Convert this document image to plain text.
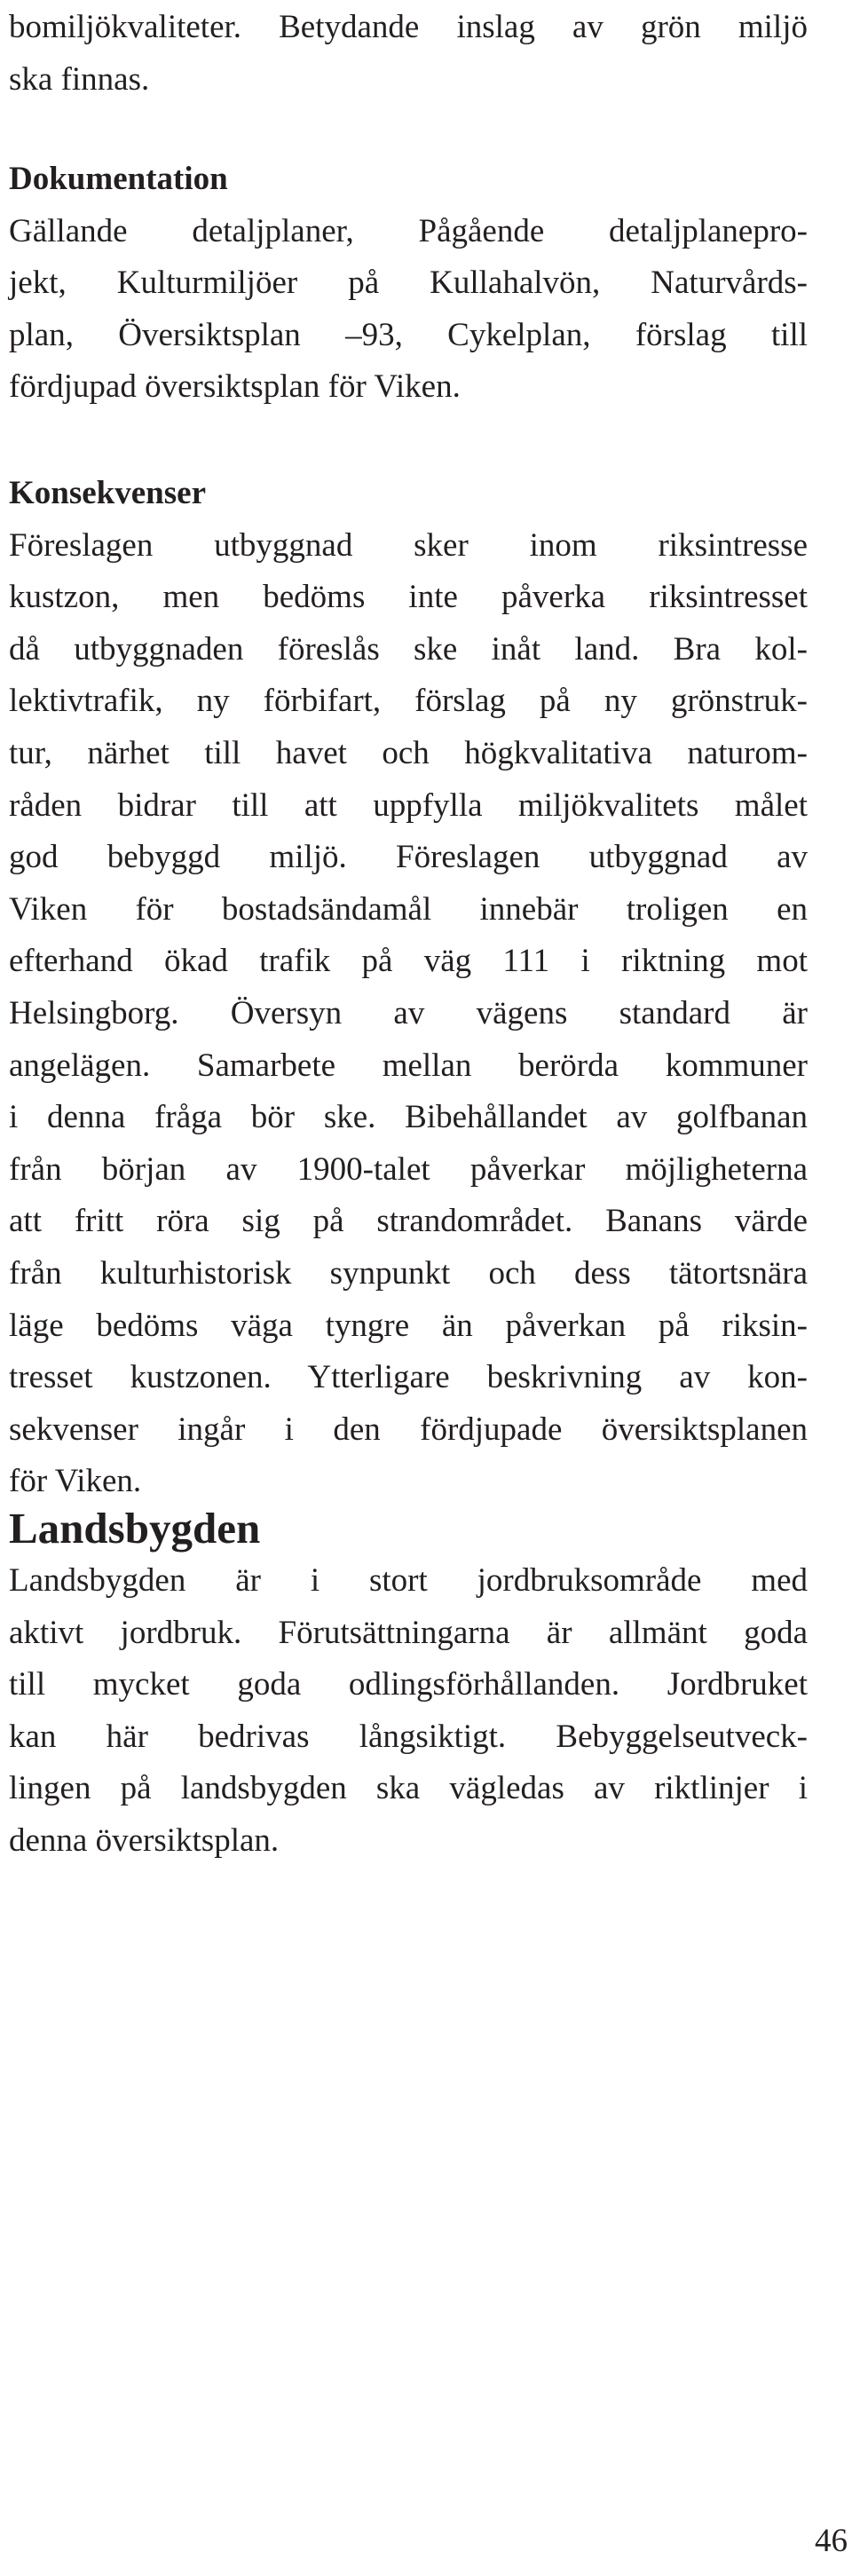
bomiljökvaliteter. Betydande inslag av grön miljö
ska finnas.
Dokumentation
Gällande detaljplaner, Pågående detaljplanepro-
jekt, Kulturmiljöer på Kullahalvön, Naturvårds-
plan, Översiktsplan –93, Cykelplan, förslag till
fördjupad översiktsplan för Viken.
Konsekvenser
Föreslagen utbyggnad sker inom riksintresse
kustzon, men bedöms inte påverka riksintresset
då utbyggnaden föreslås ske inåt land. Bra kol-
lektivtrafik, ny förbifart, förslag på ny grönstruk-
tur, närhet till havet och högkvalitativa naturom-
råden bidrar till att uppfylla miljökvalitets målet
god bebyggd miljö. Föreslagen utbyggnad av
Viken för bostadsändamål innebär troligen en
efterhand ökad trafik på väg 111 i riktning mot
Helsingborg. Översyn av vägens standard är
angelägen. Samarbete mellan berörda kommuner
i denna fråga bör ske. Bibehållandet av golfbanan
från början av 1900-talet påverkar möjligheterna
att fritt röra sig på strandområdet. Banans värde
från kulturhistorisk synpunkt och dess tätortsnära
läge bedöms väga tyngre än påverkan på riksin-
tresset kustzonen. Ytterligare beskrivning av kon-
sekvenser ingår i den fördjupade översiktsplanen
för Viken.
Landsbygden
Landsbygden är i stort jordbruksområde med
aktivt jordbruk. Förutsättningarna är allmänt goda
till mycket goda odlingsförhållanden. Jordbruket
kan här bedrivas långsiktigt. Bebyggelseutveck-
lingen på landsbygden ska vägledas av riktlinjer i
denna översiktsplan.
46
